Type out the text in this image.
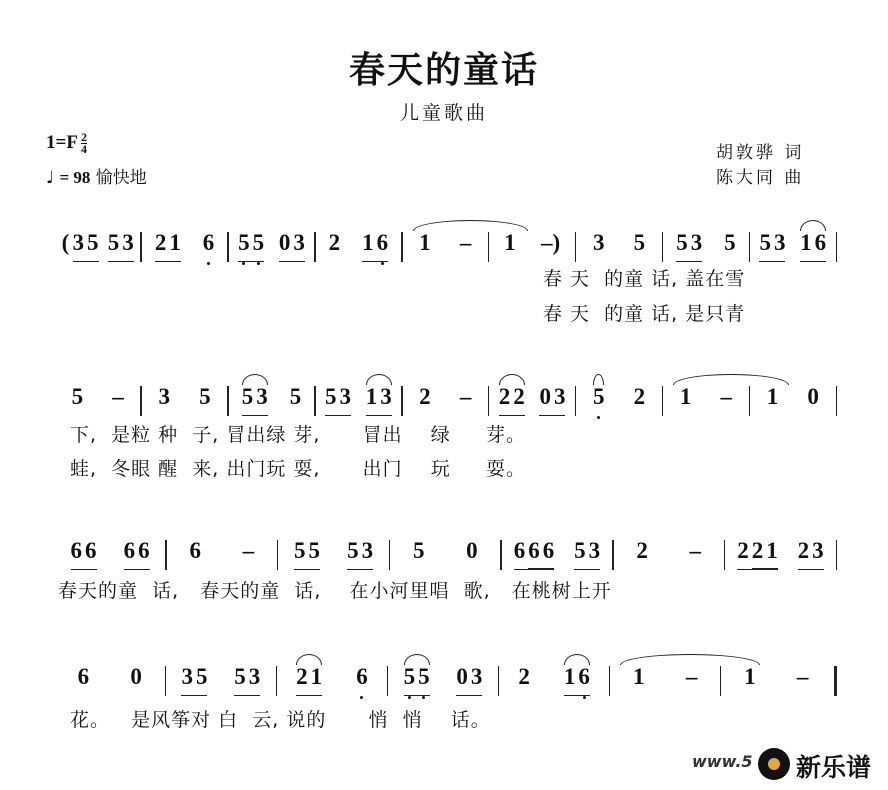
春天的童话
儿童歌曲
$1=F \frac{2}{4}$
♩ = 98 愉快地
胡敦骅 词
陈大同 曲
( 3 5 5 3 2 1 6 5 5 0 3 2 1 6 1 – 1 –) 3 5 5 3 5 5 3 1 6
5 – 3 5 5 3 5 5 3 1 3 2 – 2 2 0 3 5 2 1 – 1 0
6 6 6 6 6 – 5 5 5 3 5 0 6 6 6 5 3 2 – 2 2 1 2 3
6 0 3 5 5 3 2 1 6 5 5 0 3 2 1 6 1 – 1 –
春 天  的童 话, 盖在雪
春 天  的童 话, 是只青
下,  是粒 种  子, 冒出绿 芽,      冒出    绿     芽。
蛙,  冬眼 醒  来, 出门玩 耍,      出门    玩     耍。
春天的童  话,   春天的童  话,    在小河里唱  歌,   在桃树上开
花。   是风筝对 白  云, 说的      悄  悄    话。
www.5 新乐谱
